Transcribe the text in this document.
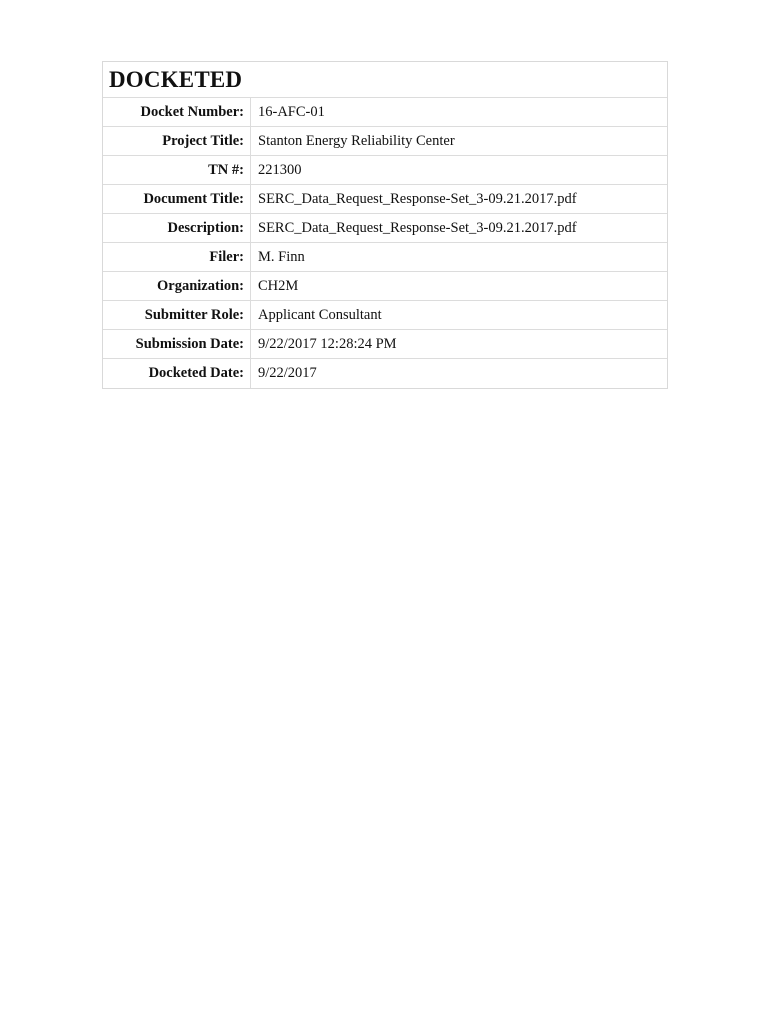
DOCKETED
Docket Number: 16-AFC-01
Project Title: Stanton Energy Reliability Center
TN #: 221300
Document Title: SERC_Data_Request_Response-Set_3-09.21.2017.pdf
Description: SERC_Data_Request_Response-Set_3-09.21.2017.pdf
Filer: M. Finn
Organization: CH2M
Submitter Role: Applicant Consultant
Submission Date: 9/22/2017 12:28:24 PM
Docketed Date: 9/22/2017
